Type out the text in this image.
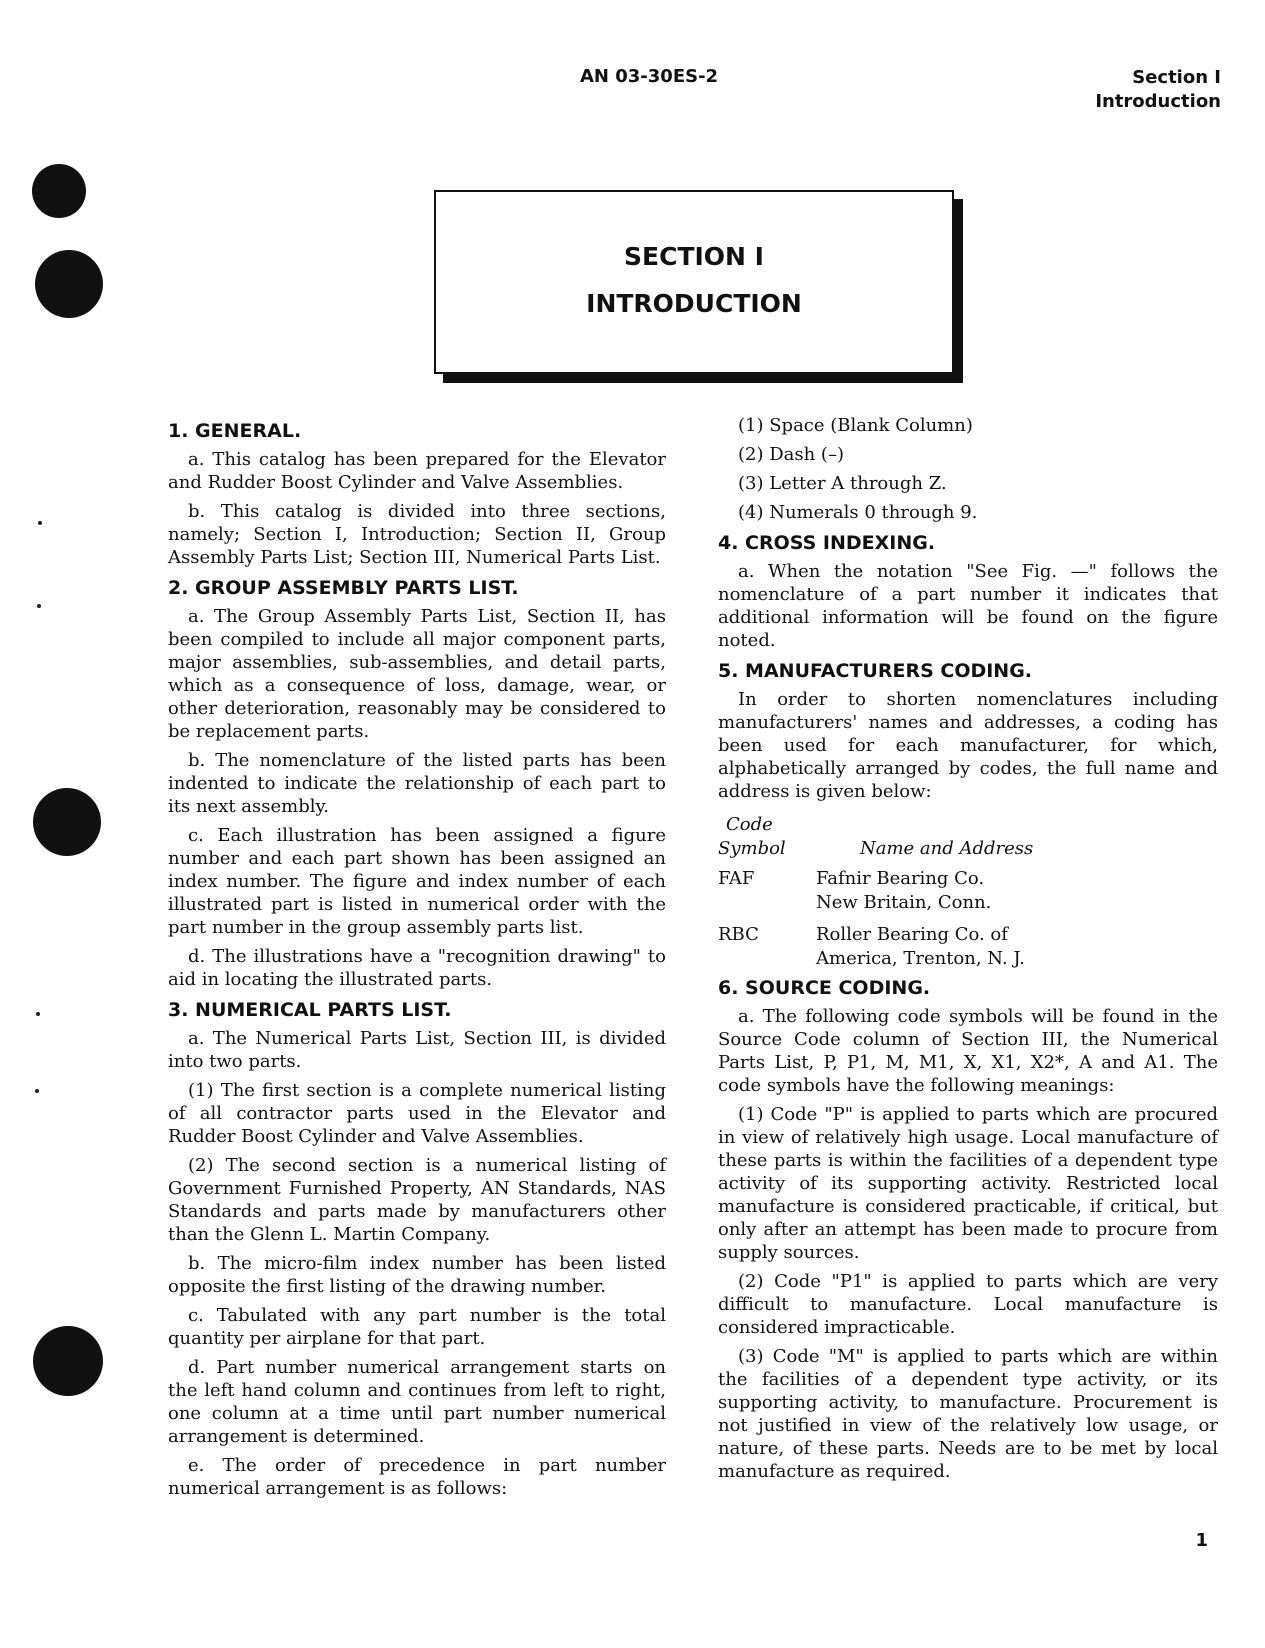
AN 03-30ES-2	Section I
Introduction
SECTION I
INTRODUCTION
1. GENERAL.

a. This catalog has been prepared for the Elevator and Rudder Boost Cylinder and Valve Assemblies.

b. This catalog is divided into three sections, namely; Section I, Introduction; Section II, Group Assembly Parts List; Section III, Numerical Parts List.

2. GROUP ASSEMBLY PARTS LIST.

a. The Group Assembly Parts List, Section II, has been compiled to include all major component parts, major assemblies, sub-assemblies, and detail parts, which as a consequence of loss, damage, wear, or other deterioration, reasonably may be considered to be replacement parts.

b. The nomenclature of the listed parts has been indented to indicate the relationship of each part to its next assembly.

c. Each illustration has been assigned a figure number and each part shown has been assigned an index number. The figure and index number of each illustrated part is listed in numerical order with the part number in the group assembly parts list.

d. The illustrations have a "recognition drawing" to aid in locating the illustrated parts.

3. NUMERICAL PARTS LIST.

a. The Numerical Parts List, Section III, is divided into two parts.

(1) The first section is a complete numerical listing of all contractor parts used in the Elevator and Rudder Boost Cylinder and Valve Assemblies.

(2) The second section is a numerical listing of Government Furnished Property, AN Standards, NAS Standards and parts made by manufacturers other than the Glenn L. Martin Company.

b. The micro-film index number has been listed opposite the first listing of the drawing number.

c. Tabulated with any part number is the total quantity per airplane for that part.

d. Part number numerical arrangement starts on the left hand column and continues from left to right, one column at a time until part number numerical arrangement is determined.

e. The order of precedence in part number numerical arrangement is as follows:

(1) Space (Blank Column)

(2) Dash (–)

(3) Letter A through Z.

(4) Numerals 0 through 9.

4. CROSS INDEXING.

a. When the notation "See Fig. —" follows the nomenclature of a part number it indicates that additional information will be found on the figure noted.

5. MANUFACTURERS CODING.

In order to shorten nomenclatures including manufacturers' names and addresses, a coding has been used for each manufacturer, for which, alphabetically arranged by codes, the full name and address is given below:

Code
Symbol	Name and Address
FAF	Fafnir Bearing Co.
New Britain, Conn.
RBC	Roller Bearing Co. of
America, Trenton, N. J.
6. SOURCE CODING.

a. The following code symbols will be found in the Source Code column of Section III, the Numerical Parts List, P, P1, M, M1, X, X1, X2*, A and A1. The code symbols have the following meanings:

(1) Code "P" is applied to parts which are procured in view of relatively high usage. Local manufacture of these parts is within the facilities of a dependent type activity of its supporting activity. Restricted local manufacture is considered practicable, if critical, but only after an attempt has been made to procure from supply sources.

(2) Code "P1" is applied to parts which are very difficult to manufacture. Local manufacture is considered impracticable.

(3) Code "M" is applied to parts which are within the facilities of a dependent type activity, or its supporting activity, to manufacture. Procurement is not justified in view of the relatively low usage, or nature, of these parts. Needs are to be met by local manufacture as required.

1
